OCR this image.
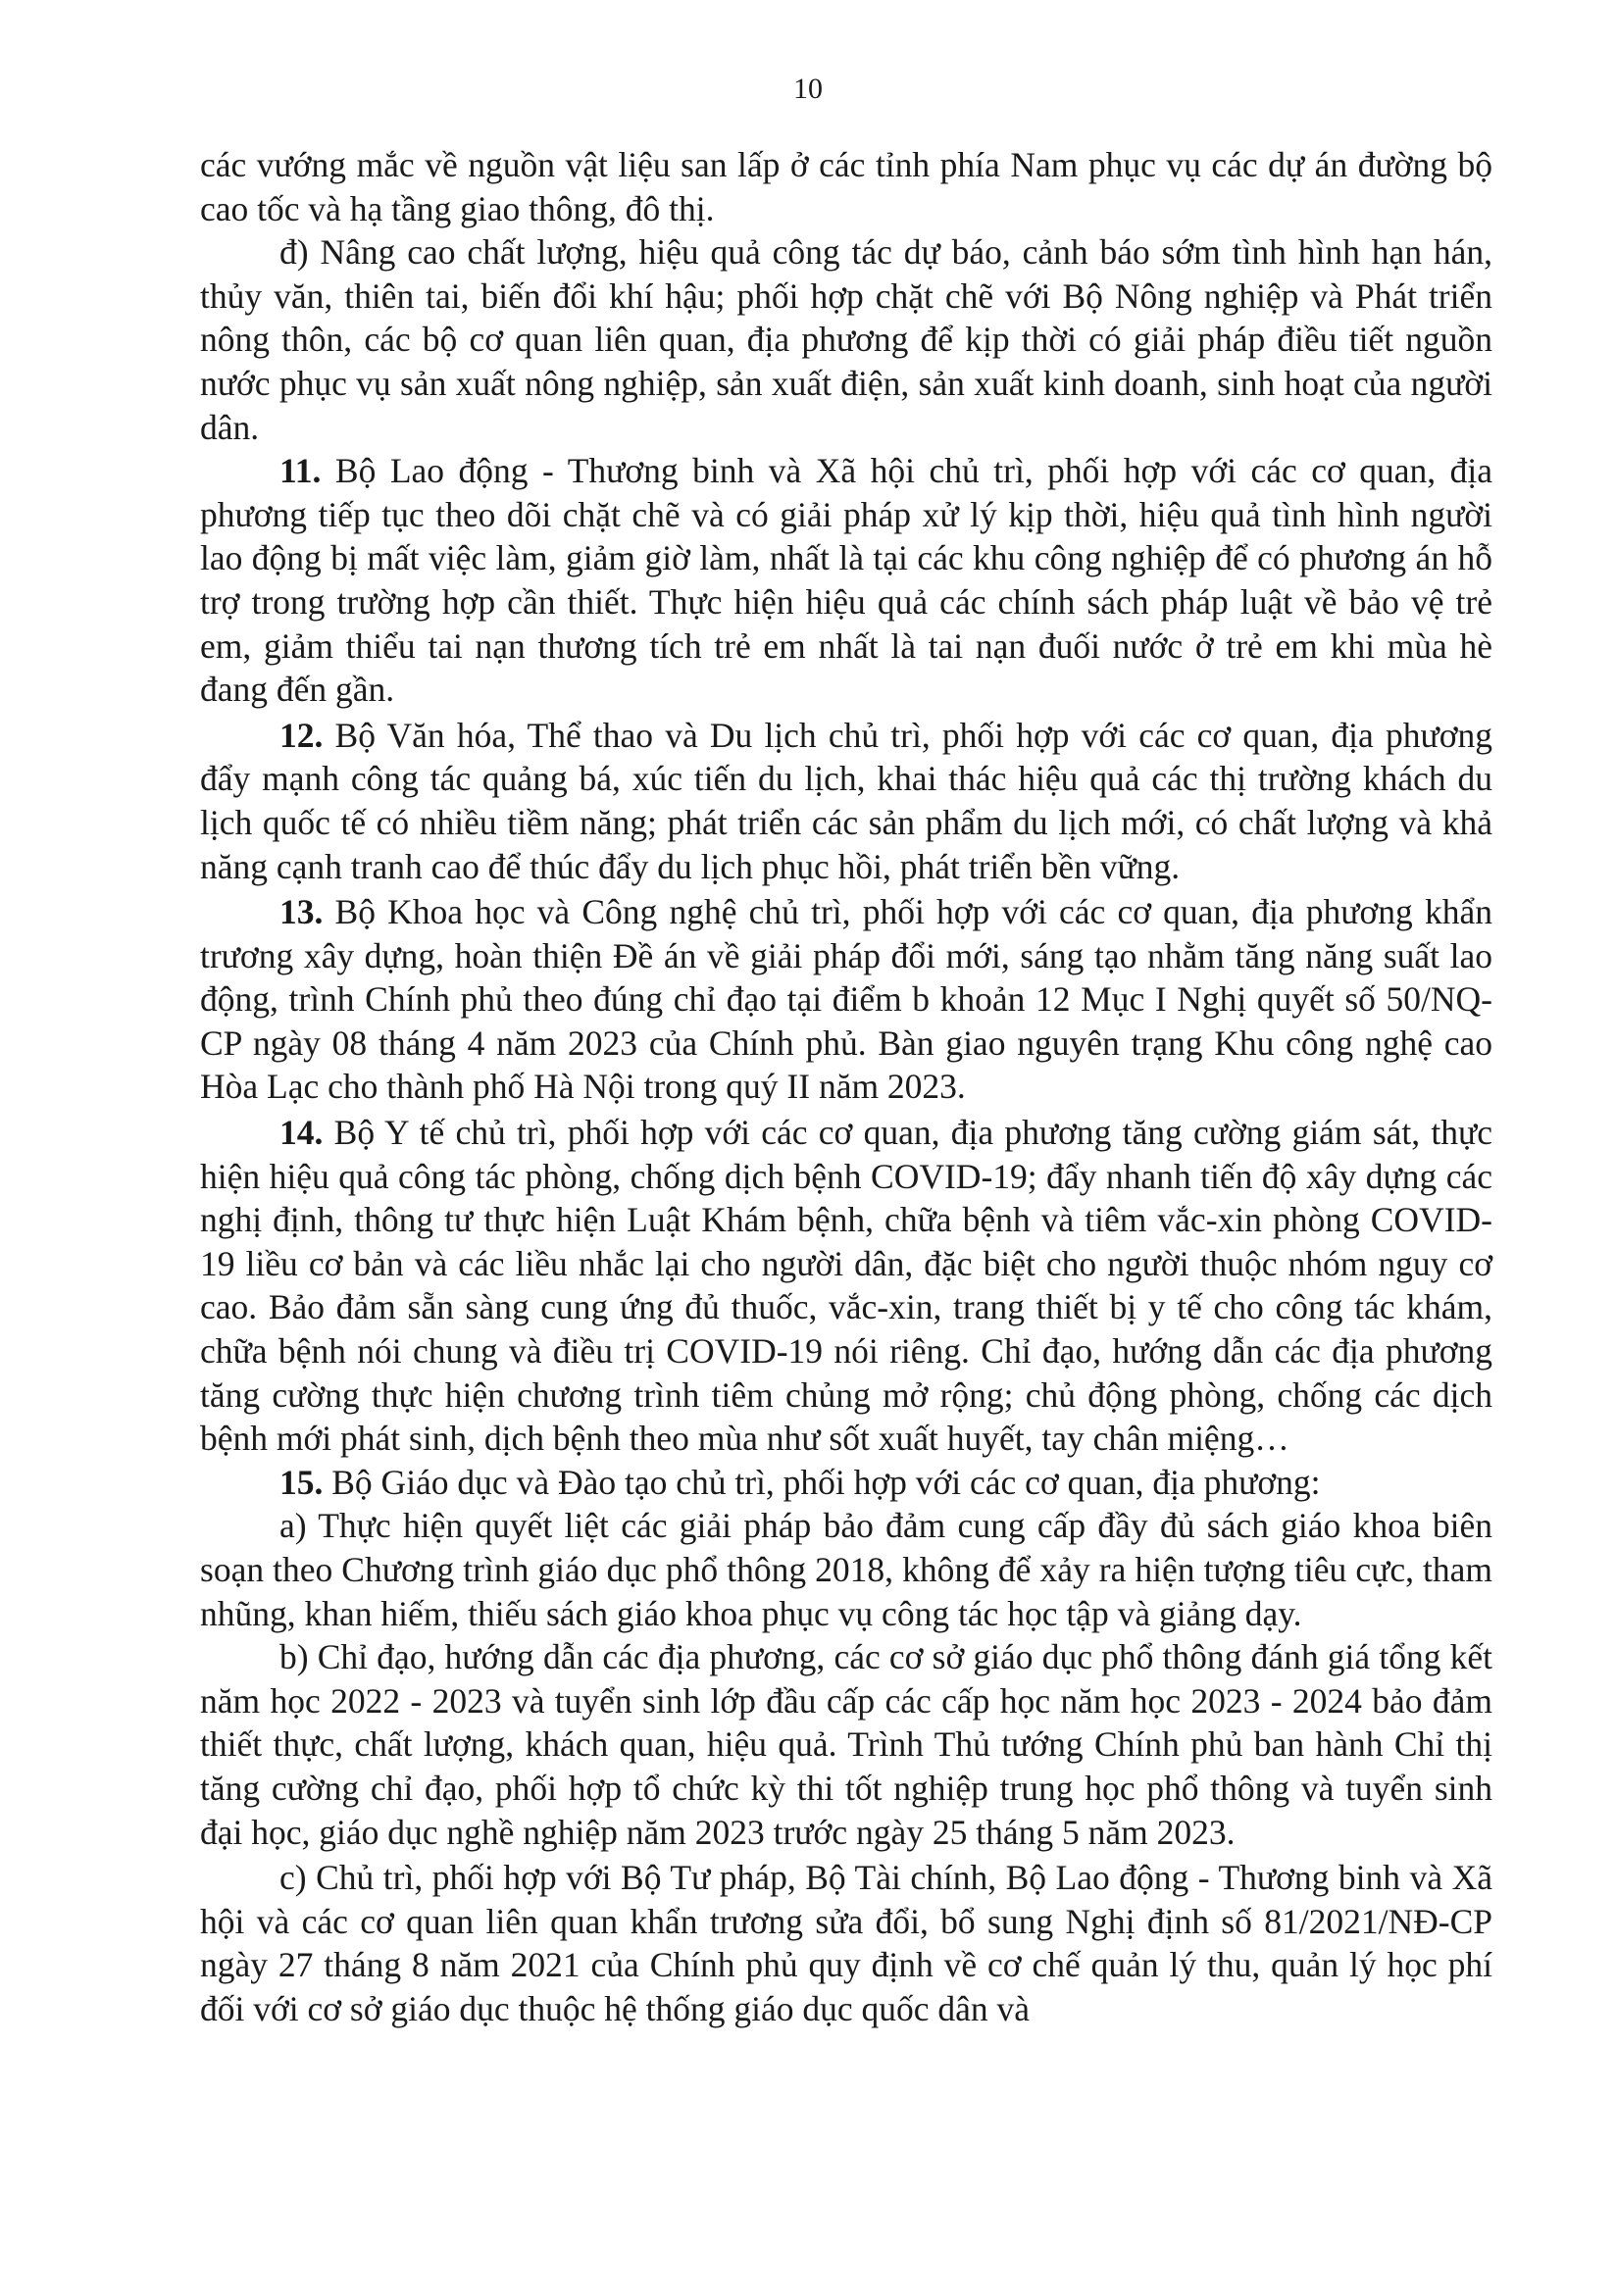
10

các vướng mắc về nguồn vật liệu san lấp ở các tỉnh phía Nam phục vụ các dự án đường bộ cao tốc và hạ tầng giao thông, đô thị.

đ) Nâng cao chất lượng, hiệu quả công tác dự báo, cảnh báo sớm tình hình hạn hán, thủy văn, thiên tai, biến đổi khí hậu; phối hợp chặt chẽ với Bộ Nông nghiệp và Phát triển nông thôn, các bộ cơ quan liên quan, địa phương để kịp thời có giải pháp điều tiết nguồn nước phục vụ sản xuất nông nghiệp, sản xuất điện, sản xuất kinh doanh, sinh hoạt của người dân.

11. Bộ Lao động - Thương binh và Xã hội chủ trì, phối hợp với các cơ quan, địa phương tiếp tục theo dõi chặt chẽ và có giải pháp xử lý kịp thời, hiệu quả tình hình người lao động bị mất việc làm, giảm giờ làm, nhất là tại các khu công nghiệp để có phương án hỗ trợ trong trường hợp cần thiết. Thực hiện hiệu quả các chính sách pháp luật về bảo vệ trẻ em, giảm thiểu tai nạn thương tích trẻ em nhất là tai nạn đuối nước ở trẻ em khi mùa hè đang đến gần.

12. Bộ Văn hóa, Thể thao và Du lịch chủ trì, phối hợp với các cơ quan, địa phương đẩy mạnh công tác quảng bá, xúc tiến du lịch, khai thác hiệu quả các thị trường khách du lịch quốc tế có nhiều tiềm năng; phát triển các sản phẩm du lịch mới, có chất lượng và khả năng cạnh tranh cao để thúc đẩy du lịch phục hồi, phát triển bền vững.

13. Bộ Khoa học và Công nghệ chủ trì, phối hợp với các cơ quan, địa phương khẩn trương xây dựng, hoàn thiện Đề án về giải pháp đổi mới, sáng tạo nhằm tăng năng suất lao động, trình Chính phủ theo đúng chỉ đạo tại điểm b khoản 12 Mục I Nghị quyết số 50/NQ-CP ngày 08 tháng 4 năm 2023 của Chính phủ. Bàn giao nguyên trạng Khu công nghệ cao Hòa Lạc cho thành phố Hà Nội trong quý II năm 2023.

14. Bộ Y tế chủ trì, phối hợp với các cơ quan, địa phương tăng cường giám sát, thực hiện hiệu quả công tác phòng, chống dịch bệnh COVID-19; đẩy nhanh tiến độ xây dựng các nghị định, thông tư thực hiện Luật Khám bệnh, chữa bệnh và tiêm vắc-xin phòng COVID-19 liều cơ bản và các liều nhắc lại cho người dân, đặc biệt cho người thuộc nhóm nguy cơ cao. Bảo đảm sẵn sàng cung ứng đủ thuốc, vắc-xin, trang thiết bị y tế cho công tác khám, chữa bệnh nói chung và điều trị COVID-19 nói riêng. Chỉ đạo, hướng dẫn các địa phương tăng cường thực hiện chương trình tiêm chủng mở rộng; chủ động phòng, chống các dịch bệnh mới phát sinh, dịch bệnh theo mùa như sốt xuất huyết, tay chân miệng…

15. Bộ Giáo dục và Đào tạo chủ trì, phối hợp với các cơ quan, địa phương:

a) Thực hiện quyết liệt các giải pháp bảo đảm cung cấp đầy đủ sách giáo khoa biên soạn theo Chương trình giáo dục phổ thông 2018, không để xảy ra hiện tượng tiêu cực, tham nhũng, khan hiếm, thiếu sách giáo khoa phục vụ công tác học tập và giảng dạy.

b) Chỉ đạo, hướng dẫn các địa phương, các cơ sở giáo dục phổ thông đánh giá tổng kết năm học 2022 - 2023 và tuyển sinh lớp đầu cấp các cấp học năm học 2023 - 2024 bảo đảm thiết thực, chất lượng, khách quan, hiệu quả. Trình Thủ tướng Chính phủ ban hành Chỉ thị tăng cường chỉ đạo, phối hợp tổ chức kỳ thi tốt nghiệp trung học phổ thông và tuyển sinh đại học, giáo dục nghề nghiệp năm 2023 trước ngày 25 tháng 5 năm 2023.

c) Chủ trì, phối hợp với Bộ Tư pháp, Bộ Tài chính, Bộ Lao động - Thương binh và Xã hội và các cơ quan liên quan khẩn trương sửa đổi, bổ sung Nghị định số 81/2021/NĐ-CP ngày 27 tháng 8 năm 2021 của Chính phủ quy định về cơ chế quản lý thu, quản lý học phí đối với cơ sở giáo dục thuộc hệ thống giáo dục quốc dân và
